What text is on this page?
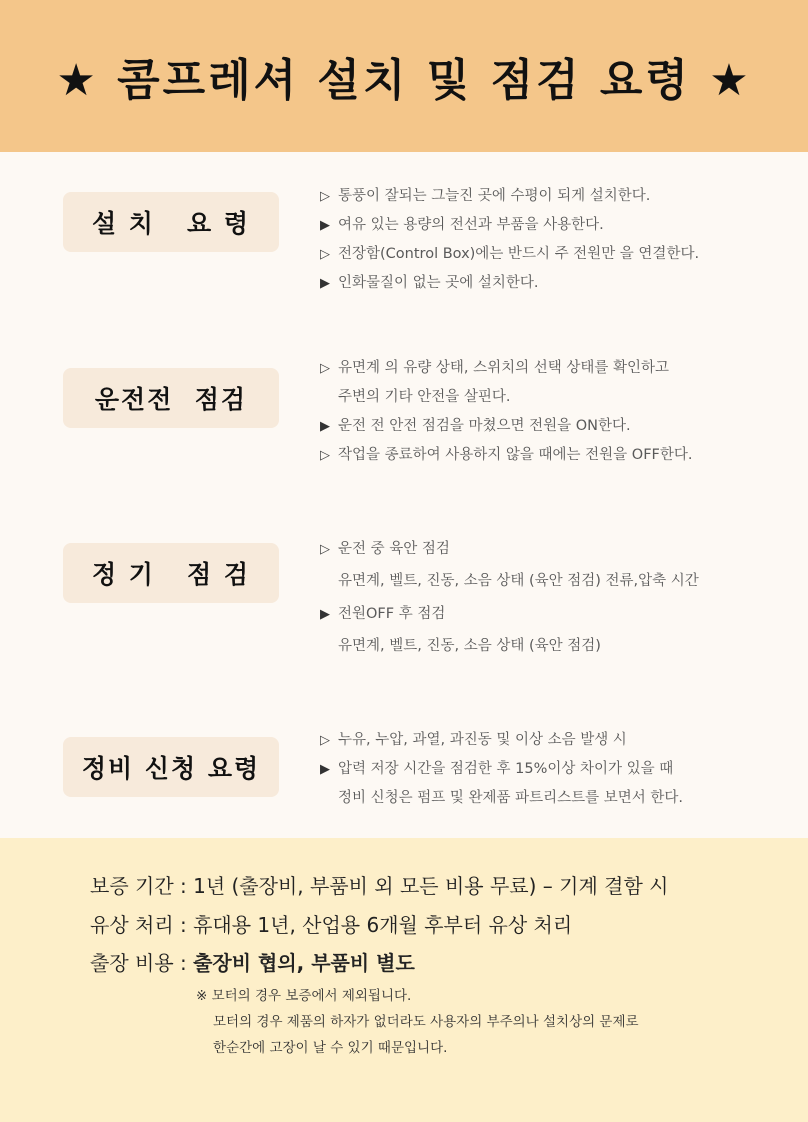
★ 콤프레셔 설치 및 점검 요령 ★
설 치   요 령
▷ 통풍이 잘되는 그늘진 곳에 수평이 되게 설치한다.
▶ 여유 있는 용량의 전선과 부품을 사용한다.
▷ 전장함(Control Box)에는 반드시 주 전원만 을 연결한다.
▶ 인화물질이 없는 곳에 설치한다.
운전전  점검
▷ 유면계 의 유량 상태, 스위치의 선택 상태를 확인하고
주변의 기타 안전을 살핀다.
▶ 운전 전 안전 점검을 마쳤으면 전원을 ON한다.
▷ 작업을 종료하여 사용하지 않을 때에는 전원을 OFF한다.
정 기   점 검
▷ 운전 중 육안 점검
유면계, 벨트, 진동, 소음 상태 (육안 점검) 전류,압축 시간
▶ 전원OFF 후 점검
유면계, 벨트, 진동, 소음 상태 (육안 점검)
정비 신청 요령
▷ 누유, 누압, 과열, 과진동 및 이상 소음 발생 시
▶ 압력 저장 시간을 점검한 후 15%이상 차이가 있을 때
정비 신청은 펌프 및 완제품 파트리스트를 보면서 한다.
보증 기간 : 1년 (출장비, 부품비 외 모든 비용 무료) – 기계 결함 시
유상 처리 : 휴대용 1년, 산업용 6개월 후부터 유상 처리
출장 비용 : 출장비 협의, 부품비 별도
※ 모터의 경우 보증에서 제외됩니다.
모터의 경우 제품의 하자가 없더라도 사용자의 부주의나 설치상의 문제로
한순간에 고장이 날 수 있기 때문입니다.
